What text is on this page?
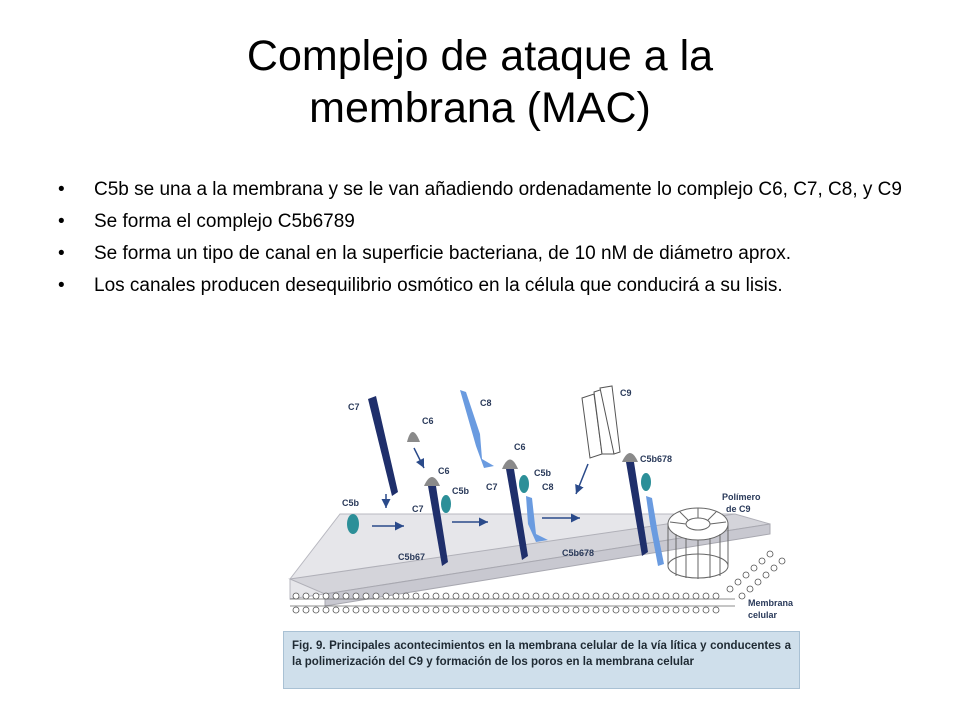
Complejo de ataque a la
membrana (MAC)
• C5b se una a la membrana y se le van añadiendo ordenadamente lo complejo C6, C7, C8, y C9
• Se forma el complejo C5b6789
• Se forma un tipo de canal en la superficie bacteriana, de 10 nM de diámetro aprox.
• Los canales producen desequilibrio osmótico en la célula que conducirá a su lisis.
C7
C6
C8
C9
C5b
C6
C5b
C7
C6
C5b
C7	C8
C5b678
Polímero
de C9
C5b67	C5b678
Membrana
celular
Fig. 9. Principales acontecimientos en la membrana celular de la vía lítica y conducentes a la polimerización del C9 y formación de los poros en la membrana celular
